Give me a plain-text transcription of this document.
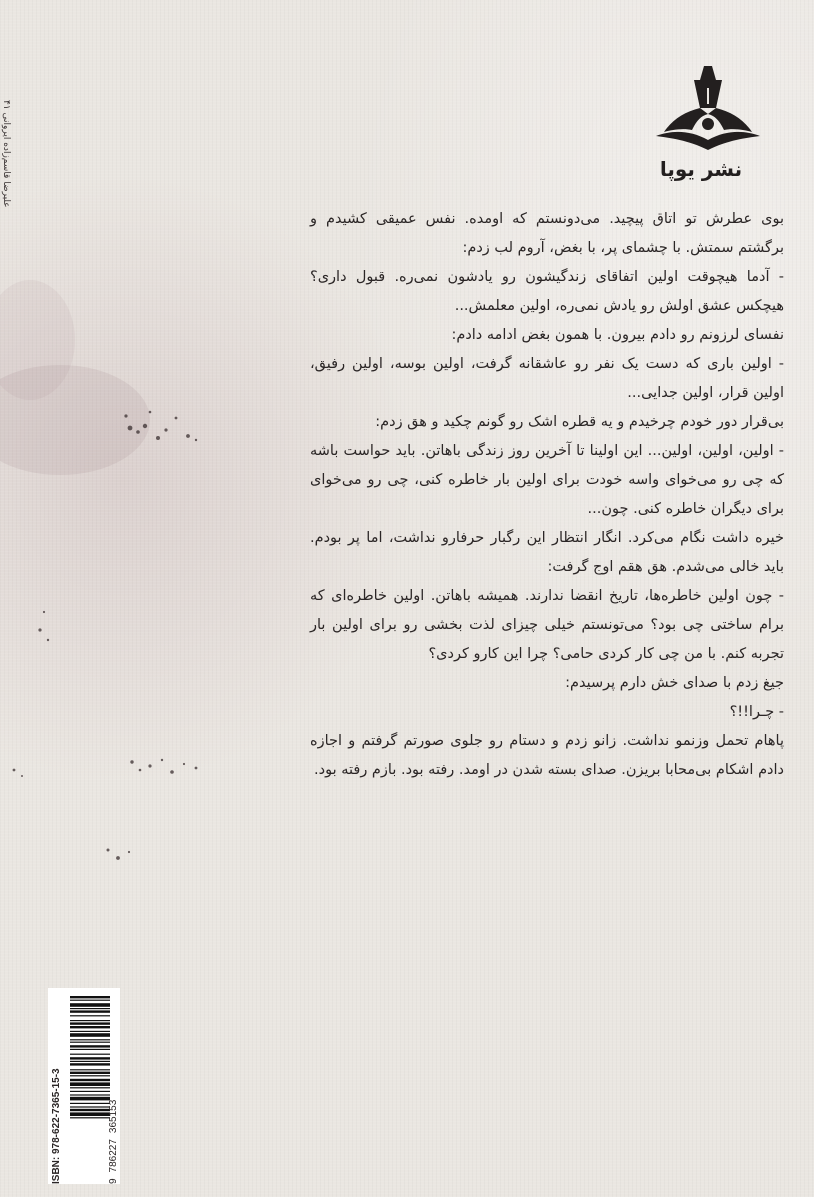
علیرضا قاسم‌زاده ایروانی ۴۱	نشر یوپا

بوی عطرش تو اتاق پیچید. می‌دونستم که اومده. نفس عمیقی کشیدم و برگشتم سمتش. با چشمای پر، با بغض، آروم لب زدم:

- آدما هیچوقت اولین اتفاقای زندگیشون رو یادشون نمی‌ره. قبول داری؟ هیچکس عشق اولش رو یادش نمی‌ره، اولین معلمش...

نفسای لرزونم رو دادم بیرون. با همون بغض ادامه دادم:

- اولین باری که دست یک نفر رو عاشقانه گرفت، اولین بوسه، اولین رفیق، اولین قرار، اولین جدایی...

بی‌قرار دور خودم چرخیدم و یه قطره اشک رو گونم چکید و هق زدم:

- اولین، اولین، اولین... این اولینا تا آخرین روز زندگی باهاتن. باید حواست باشه که چی رو می‌خوای واسه خودت برای اولین بار خاطره کنی، چی رو می‌خوای برای دیگران خاطره کنی. چون...

خیره داشت نگام می‌کرد. انگار انتظار این رگبار حرفارو نداشت، اما پر بودم. باید خالی می‌شدم. هق هقم اوج گرفت:

- چون اولین خاطره‌ها، تاریخ انقضا ندارند. همیشه باهاتن. اولین خاطره‌ای که برام ساختی چی بود؟ می‌تونستم خیلی چیزای لذت بخشی رو برای اولین بار تجربه کنم. با من چی کار کردی حامی؟ چرا این کارو کردی؟

جیغ زدم با صدای خش دارم پرسیدم:

- چـرا!!؟

پاهام تحمل وزنمو نداشت. زانو زدم و دستام رو جلوی صورتم گرفتم و اجازه دادم اشکام بی‌محابا بریزن. صدای بسته شدن در اومد. رفته بود. بازم رفته بود.

ISBN: 978-622-7365-15-3	9
786227
365153
